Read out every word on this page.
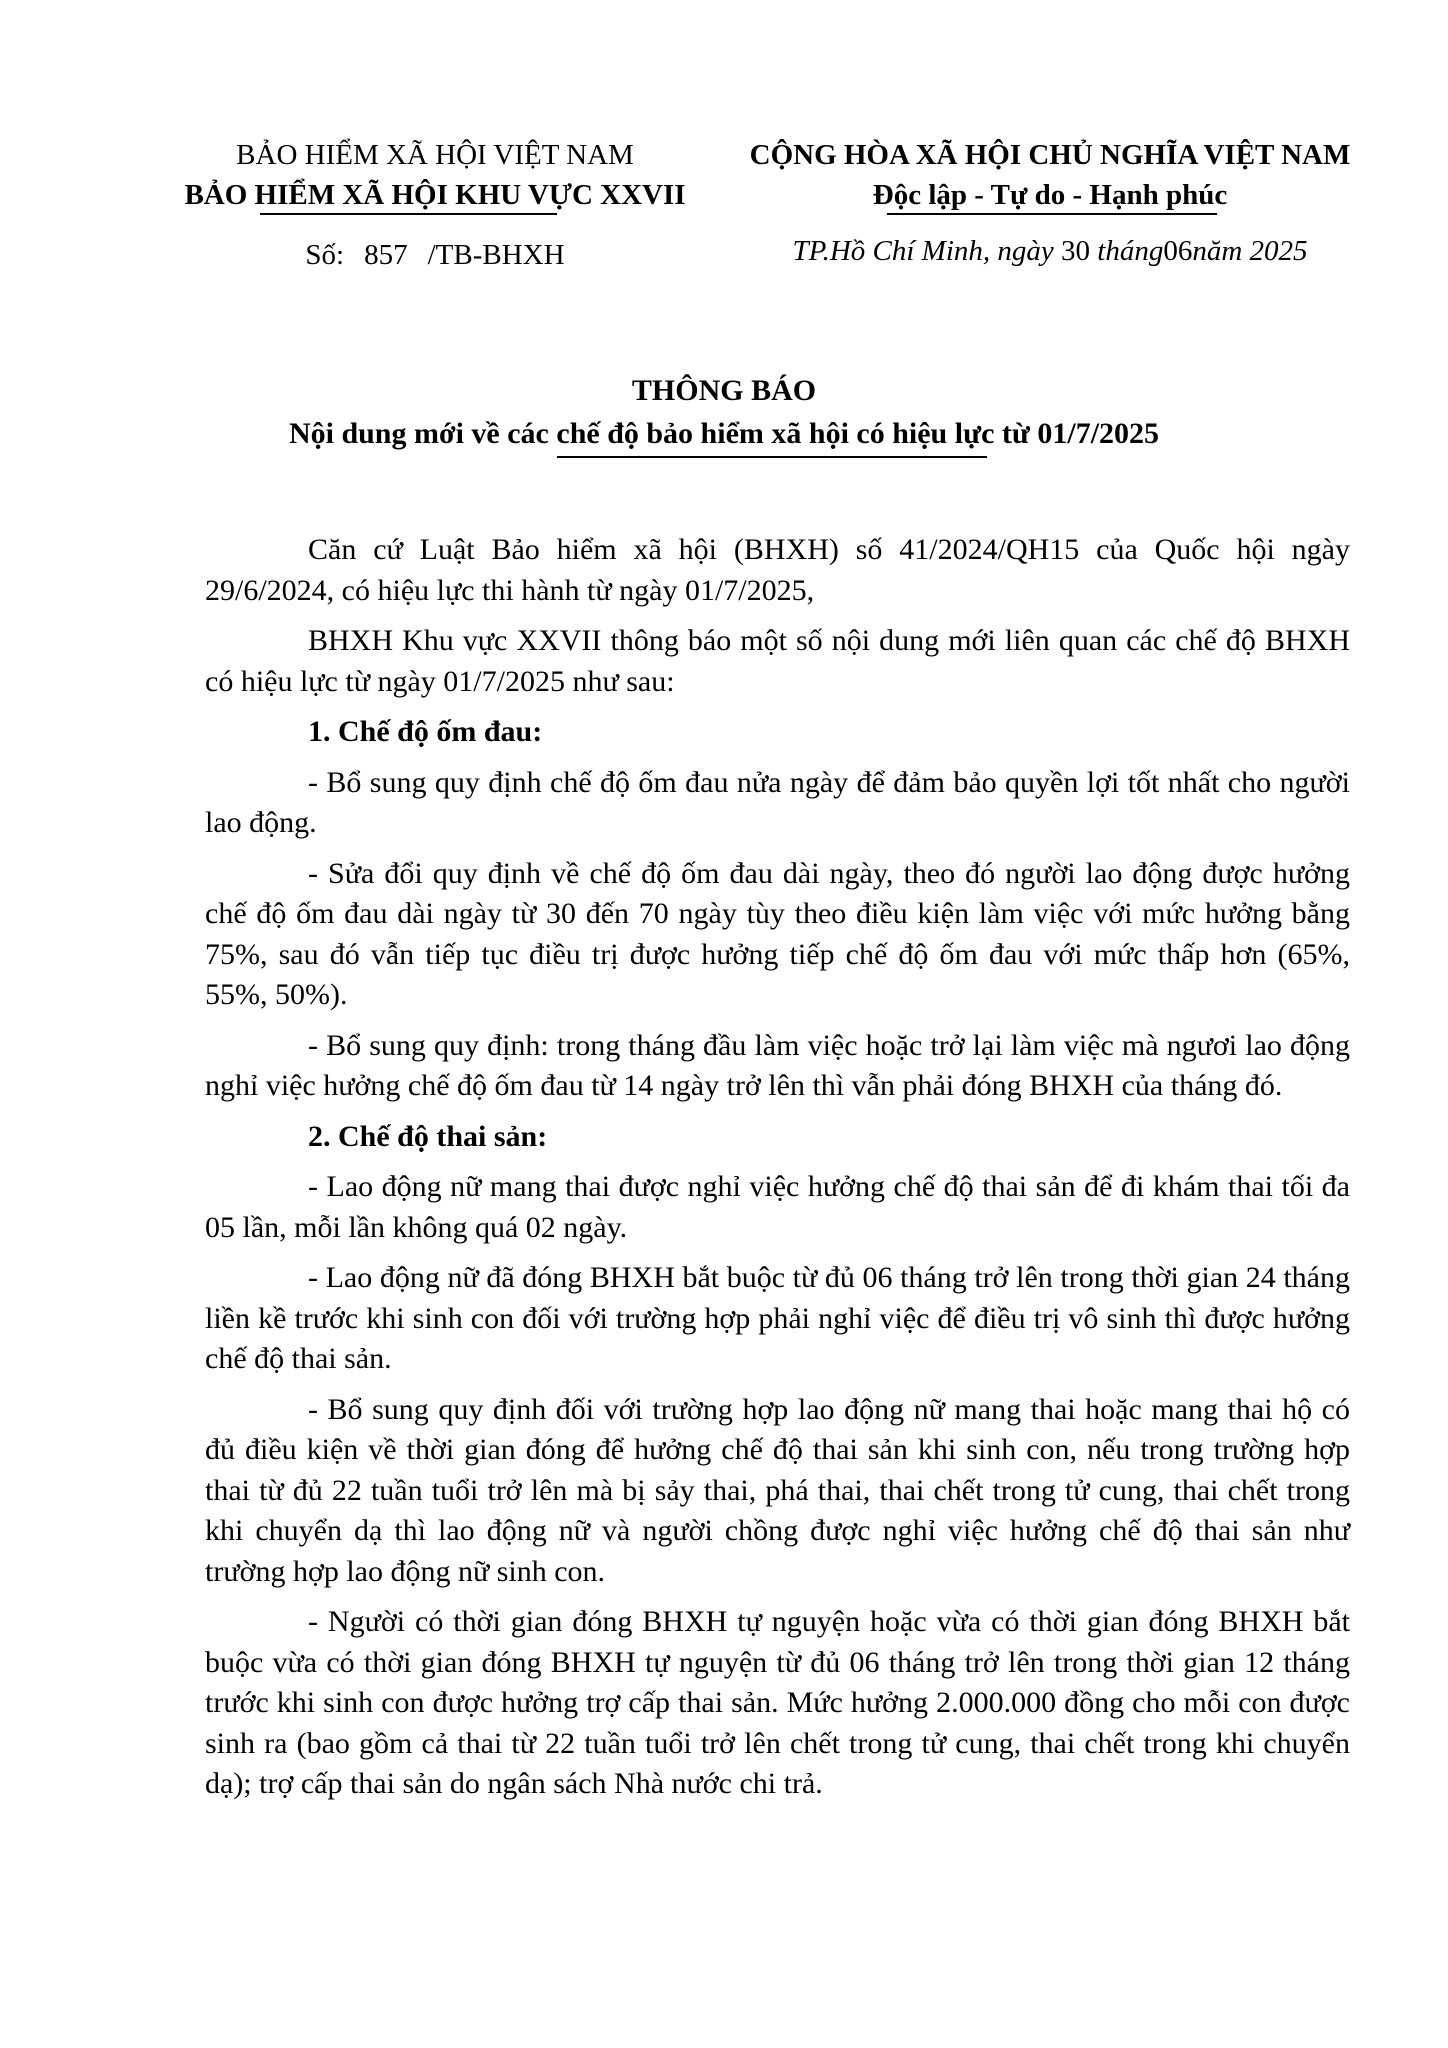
BẢO HIỂM XÃ HỘI VIỆT NAM
BẢO HIỂM XÃ HỘI KHU VỰC XXVII
CỘNG HÒA XÃ HỘI CHỦ NGHĨA VIỆT NAM
Độc lập - Tự do - Hạnh phúc
Số: 857 /TB-BHXH	TP.Hồ Chí Minh, ngày 30 tháng06năm 2025
THÔNG BÁO
Nội dung mới về các chế độ bảo hiểm xã hội có hiệu lực từ 01/7/2025

Căn cứ Luật Bảo hiểm xã hội (BHXH) số 41/2024/QH15 của Quốc hội ngày 29/6/2024, có hiệu lực thi hành từ ngày 01/7/2025,

BHXH Khu vực XXVII thông báo một số nội dung mới liên quan các chế độ BHXH có hiệu lực từ ngày 01/7/2025 như sau:

1. Chế độ ốm đau:

- Bổ sung quy định chế độ ốm đau nửa ngày để đảm bảo quyền lợi tốt nhất cho người lao động.

- Sửa đổi quy định về chế độ ốm đau dài ngày, theo đó người lao động được hưởng chế độ ốm đau dài ngày từ 30 đến 70 ngày tùy theo điều kiện làm việc với mức hưởng bằng 75%, sau đó vẫn tiếp tục điều trị được hưởng tiếp chế độ ốm đau với mức thấp hơn (65%, 55%, 50%).

- Bổ sung quy định: trong tháng đầu làm việc hoặc trở lại làm việc mà ngươi lao động nghỉ việc hưởng chế độ ốm đau từ 14 ngày trở lên thì vẫn phải đóng BHXH của tháng đó.

2. Chế độ thai sản:

- Lao động nữ mang thai được nghỉ việc hưởng chế độ thai sản để đi khám thai tối đa 05 lần, mỗi lần không quá 02 ngày.

- Lao động nữ đã đóng BHXH bắt buộc từ đủ 06 tháng trở lên trong thời gian 24 tháng liền kề trước khi sinh con đối với trường hợp phải nghỉ việc để điều trị vô sinh thì được hưởng chế độ thai sản.

- Bổ sung quy định đối với trường hợp lao động nữ mang thai hoặc mang thai hộ có đủ điều kiện về thời gian đóng để hưởng chế độ thai sản khi sinh con, nếu trong trường hợp thai từ đủ 22 tuần tuổi trở lên mà bị sảy thai, phá thai, thai chết trong tử cung, thai chết trong khi chuyển dạ thì lao động nữ và người chồng được nghỉ việc hưởng chế độ thai sản như trường hợp lao động nữ sinh con.

- Người có thời gian đóng BHXH tự nguyện hoặc vừa có thời gian đóng BHXH bắt buộc vừa có thời gian đóng BHXH tự nguyện từ đủ 06 tháng trở lên trong thời gian 12 tháng trước khi sinh con được hưởng trợ cấp thai sản. Mức hưởng 2.000.000 đồng cho mỗi con được sinh ra (bao gồm cả thai từ 22 tuần tuổi trở lên chết trong tử cung, thai chết trong khi chuyển dạ); trợ cấp thai sản do ngân sách Nhà nước chi trả.
